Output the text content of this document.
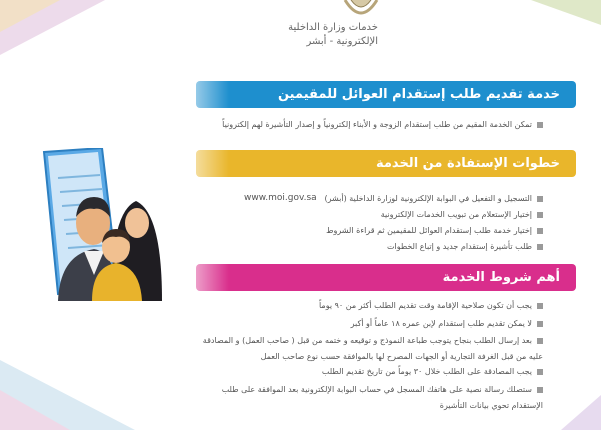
خدمات وزارة الداخلية
الإلكترونية - أبشر
خدمة تقديم طلب إستقدام العوائل للمقيمين
تمكن الخدمة المقيم من طلب إستقدام الزوجة و الأبناء إلكترونياً و إصدار التأشيرة لهم إلكترونياً
خطوات الإستفادة من الخدمة
www.moi.gov.sa التسجيل و التفعيل في البوابة الإلكترونية لوزارة الداخلية (أبشر)
إختيار الإستعلام من تبويب الخدمات الإلكترونية
إختيار خدمة طلب إستقدام العوائل للمقيمين ثم قراءة الشروط
طلب تأشيرة إستقدام جديد و إتباع الخطوات
أهم شروط الخدمة
يجب أن تكون صلاحية الإقامة وقت تقديم الطلب أكثر من ٩٠ يوماً
لا يمكن تقديم طلب إستقدام لإبن عمره ١٨ عاماً أو أكبر
بعد إرسال الطلب بنجاح يتوجب طباعة النموذج و توقيعه و ختمه من قبل ( صاحب العمل) و المصادقة
عليه من قبل الغرفة التجارية أو الجهات المصرح لها بالموافقة حسب نوع صاحب العمل
يجب المصادقة على الطلب خلال ٣٠ يوماً من تاريخ تقديم الطلب
ستصلك رسالة نصية على هاتفك المسجل في حساب البوابة الإلكترونية بعد الموافقة على طلب
الإستقدام تحوي بيانات التأشيرة
